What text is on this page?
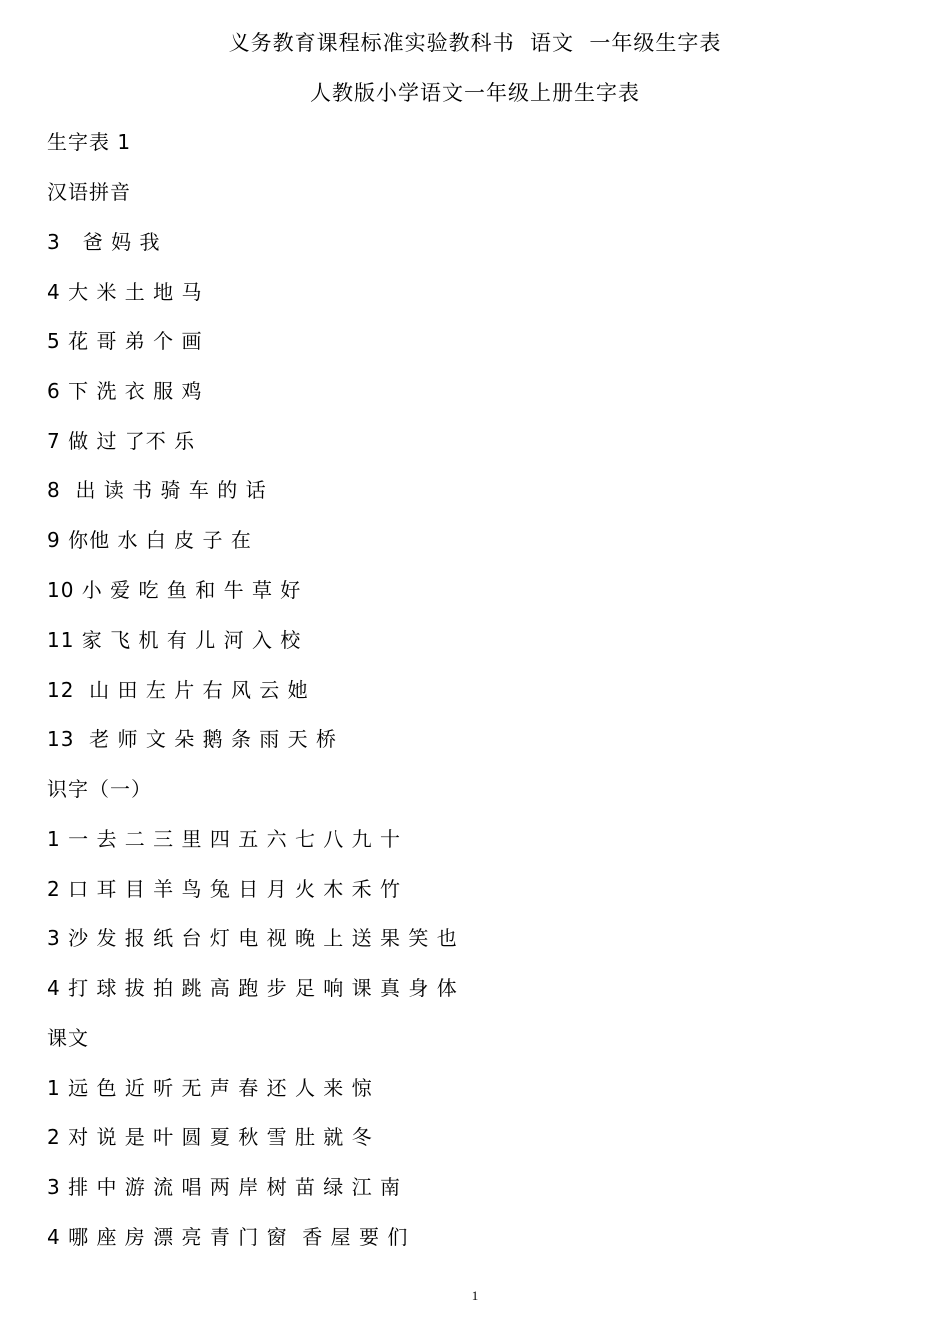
义务教育课程标准实验教科书  语文  一年级生字表
人教版小学语文一年级上册生字表
生字表 1
汉语拼音
3   爸 妈 我
4 大 米 土 地 马
5 花 哥 弟 个 画
6 下 洗 衣 服 鸡
7 做 过 了不 乐
8  出 读 书 骑 车 的 话
9 你他 水 白 皮 子 在
10 小 爱 吃 鱼 和 牛 草 好
11 家 飞 机 有 儿 河 入 校
12  山 田 左 片 右 风 云 她
13  老 师 文 朵 鹅 条 雨 天 桥
识字（一）
1 一 去 二 三 里 四 五 六 七 八 九 十
2 口 耳 目 羊 鸟 兔 日 月 火 木 禾 竹
3 沙 发 报 纸 台 灯 电 视 晚 上 送 果 笑 也
4 打 球 拔 拍 跳 高 跑 步 足 响 课 真 身 体
课文
1 远 色 近 听 无 声 春 还 人 来 惊
2 对 说 是 叶 圆 夏 秋 雪 肚 就 冬
3 排 中 游 流 唱 两 岸 树 苗 绿 江 南
4 哪 座 房 漂 亮 青 门 窗  香 屋 要 们
1
